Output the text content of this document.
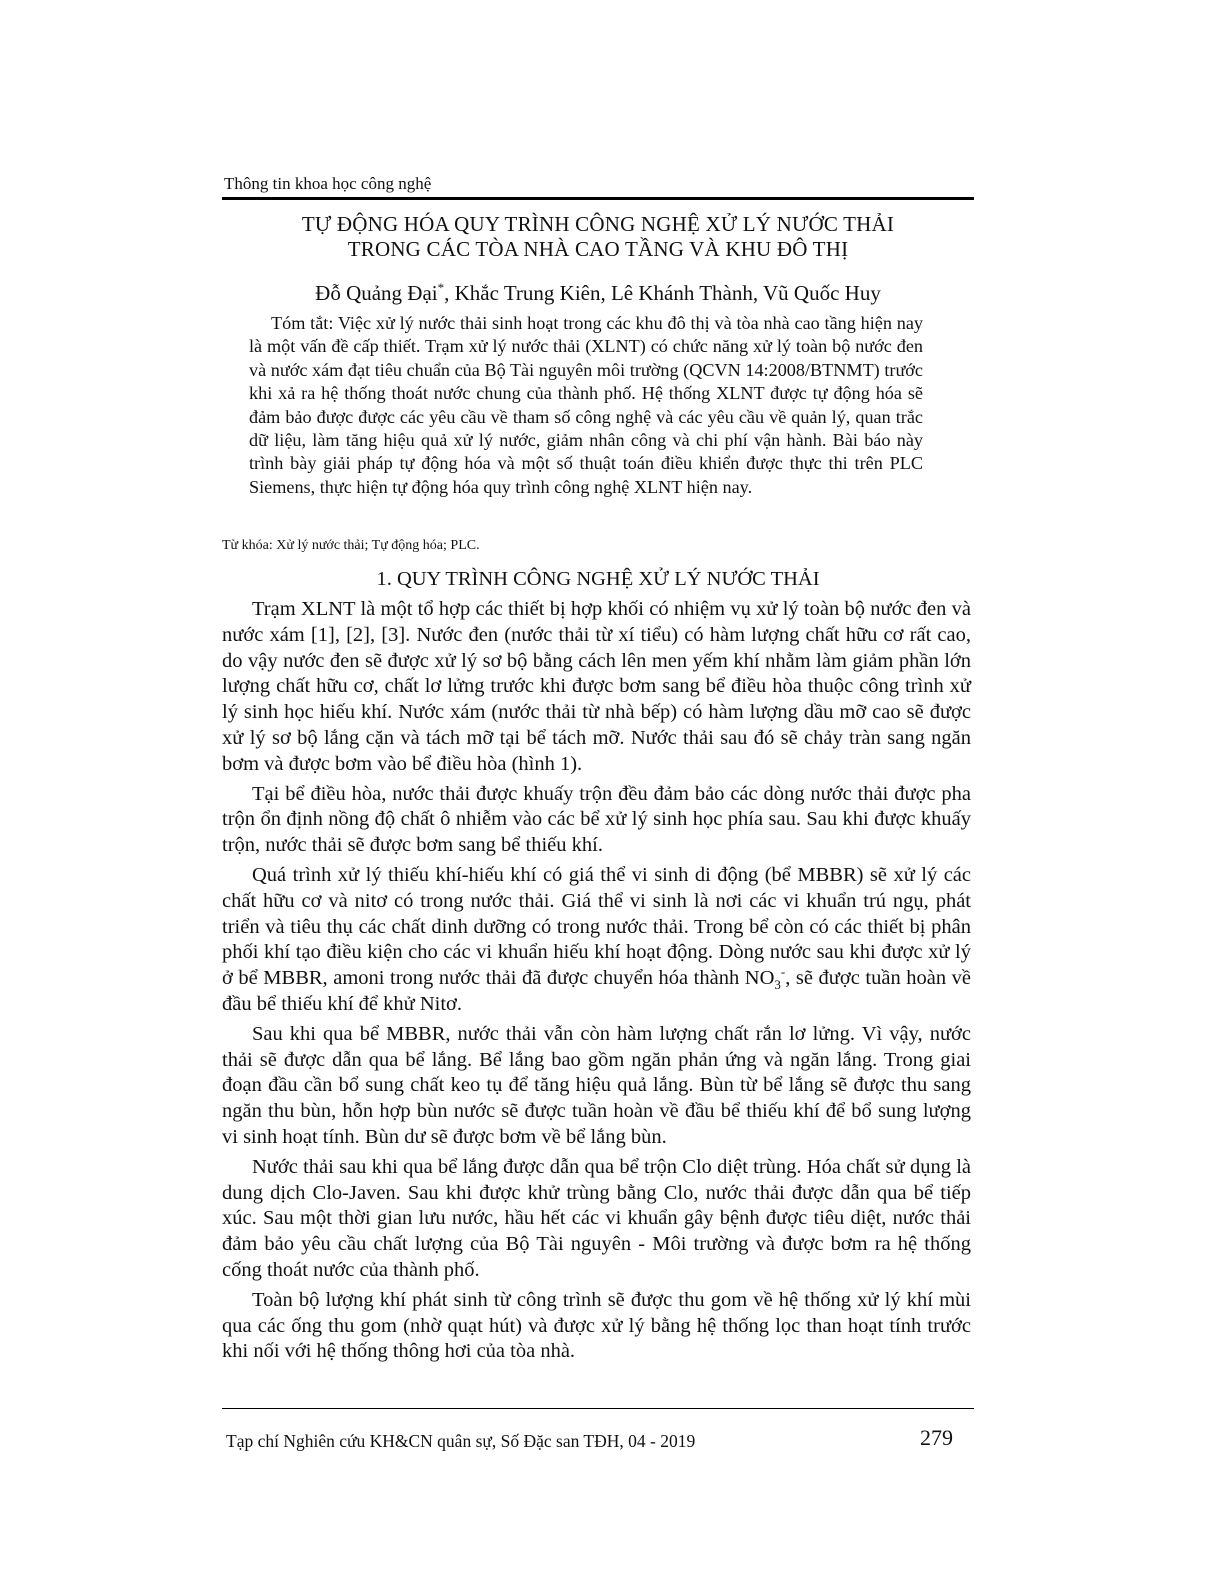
Thông tin khoa học công nghệ
TỰ ĐỘNG HÓA QUY TRÌNH CÔNG NGHỆ XỬ LÝ NƯỚC THẢI
TRONG CÁC TÒA NHÀ CAO TẦNG VÀ KHU ĐÔ THỊ
Đỗ Quảng Đại*, Khắc Trung Kiên, Lê Khánh Thành, Vũ Quốc Huy
Tóm tắt: Việc xử lý nước thải sinh hoạt trong các khu đô thị và tòa nhà cao tầng hiện nay là một vấn đề cấp thiết. Trạm xử lý nước thải (XLNT) có chức năng xử lý toàn bộ nước đen và nước xám đạt tiêu chuẩn của Bộ Tài nguyên môi trường (QCVN 14:2008/BTNMT) trước khi xả ra hệ thống thoát nước chung của thành phố. Hệ thống XLNT được tự động hóa sẽ đảm bảo được được các yêu cầu về tham số công nghệ và các yêu cầu về quản lý, quan trắc dữ liệu, làm tăng hiệu quả xử lý nước, giảm nhân công và chi phí vận hành. Bài báo này trình bày giải pháp tự động hóa và một số thuật toán điều khiển được thực thi trên PLC Siemens, thực hiện tự động hóa quy trình công nghệ XLNT hiện nay.
Từ khóa: Xử lý nước thải; Tự động hóa; PLC.
1. QUY TRÌNH CÔNG NGHỆ XỬ LÝ NƯỚC THẢI

Trạm XLNT là một tổ hợp các thiết bị hợp khối có nhiệm vụ xử lý toàn bộ nước đen và nước xám [1], [2], [3]. Nước đen (nước thải từ xí tiểu) có hàm lượng chất hữu cơ rất cao, do vậy nước đen sẽ được xử lý sơ bộ bằng cách lên men yếm khí nhằm làm giảm phần lớn lượng chất hữu cơ, chất lơ lửng trước khi được bơm sang bể điều hòa thuộc công trình xử lý sinh học hiếu khí. Nước xám (nước thải từ nhà bếp) có hàm lượng dầu mỡ cao sẽ được xử lý sơ bộ lắng cặn và tách mỡ tại bể tách mỡ. Nước thải sau đó sẽ chảy tràn sang ngăn bơm và được bơm vào bể điều hòa (hình 1).

Tại bể điều hòa, nước thải được khuấy trộn đều đảm bảo các dòng nước thải được pha trộn ổn định nồng độ chất ô nhiễm vào các bể xử lý sinh học phía sau. Sau khi được khuấy trộn, nước thải sẽ được bơm sang bể thiếu khí.

Quá trình xử lý thiếu khí-hiếu khí có giá thể vi sinh di động (bể MBBR) sẽ xử lý các chất hữu cơ và nitơ có trong nước thải. Giá thể vi sinh là nơi các vi khuẩn trú ngụ, phát triển và tiêu thụ các chất dinh dưỡng có trong nước thải. Trong bể còn có các thiết bị phân phối khí tạo điều kiện cho các vi khuẩn hiếu khí hoạt động. Dòng nước sau khi được xử lý ở bể MBBR, amoni trong nước thải đã được chuyển hóa thành $NO_3^-$, sẽ được tuần hoàn về đầu bể thiếu khí để khử Nitơ.

Sau khi qua bể MBBR, nước thải vẫn còn hàm lượng chất rắn lơ lửng. Vì vậy, nước thải sẽ được dẫn qua bể lắng. Bể lắng bao gồm ngăn phản ứng và ngăn lắng. Trong giai đoạn đầu cần bổ sung chất keo tụ để tăng hiệu quả lắng. Bùn từ bể lắng sẽ được thu sang ngăn thu bùn, hỗn hợp bùn nước sẽ được tuần hoàn về đầu bể thiếu khí để bổ sung lượng vi sinh hoạt tính. Bùn dư sẽ được bơm về bể lắng bùn.

Nước thải sau khi qua bể lắng được dẫn qua bể trộn Clo diệt trùng. Hóa chất sử dụng là dung dịch Clo-Javen. Sau khi được khử trùng bằng Clo, nước thải được dẫn qua bể tiếp xúc. Sau một thời gian lưu nước, hầu hết các vi khuẩn gây bệnh được tiêu diệt, nước thải đảm bảo yêu cầu chất lượng của Bộ Tài nguyên - Môi trường và được bơm ra hệ thống cống thoát nước của thành phố.

Toàn bộ lượng khí phát sinh từ công trình sẽ được thu gom về hệ thống xử lý khí mùi qua các ống thu gom (nhờ quạt hút) và được xử lý bằng hệ thống lọc than hoạt tính trước khi nối với hệ thống thông hơi của tòa nhà.

Tạp chí Nghiên cứu KH&CN quân sự, Số Đặc san TĐH, 04 - 2019	279
